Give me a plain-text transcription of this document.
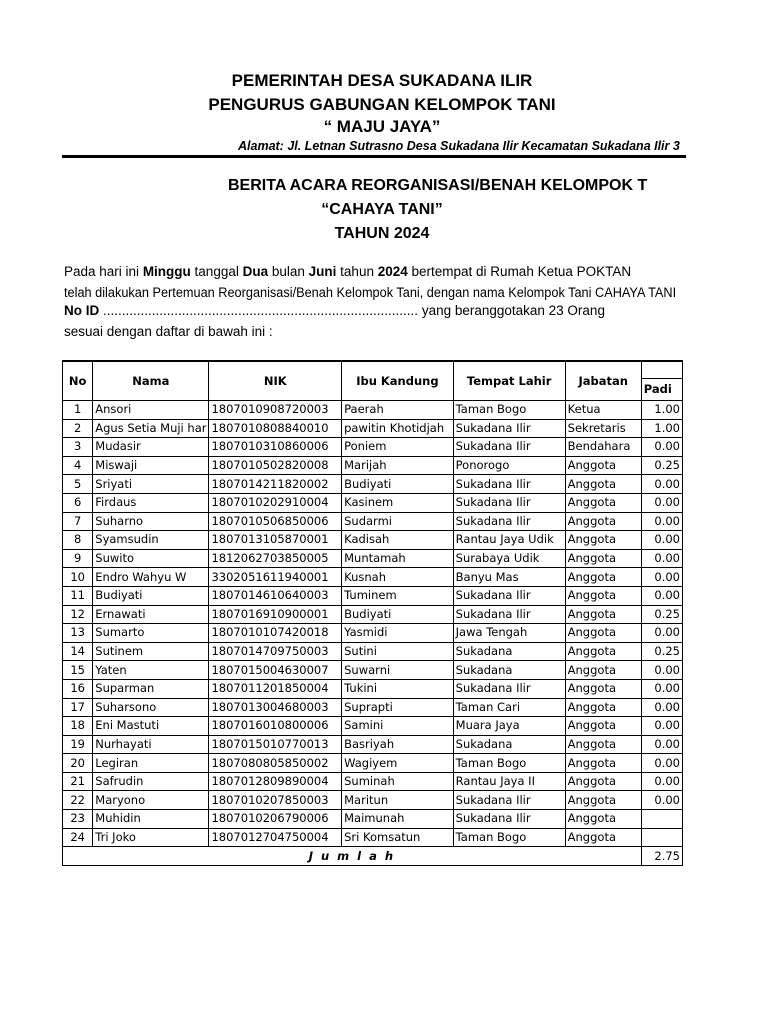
PEMERINTAH DESA SUKADANA ILIR
PENGURUS GABUNGAN KELOMPOK TANI
“ MAJU JAYA”
Alamat: Jl. Letnan Sutrasno Desa Sukadana Ilir Kecamatan Sukadana Ilir 3
BERITA ACARA REORGANISASI/BENAH KELOMPOK T
“CAHAYA TANI”
TAHUN 2024
Pada hari ini Minggu tanggal Dua bulan Juni tahun 2024 bertempat di Rumah Ketua POKTAN
telah dilakukan Pertemuan Reorganisasi/Benah Kelompok Tani, dengan nama Kelompok Tani CAHAYA TANI
No ID .................................................................................... yang beranggotakan 23 Orang
sesuai dengan daftar di bawah ini :
No	Nama	NIK	Ibu Kandung	Tempat Lahir	Jabatan	
						Padi
1	Ansori	1807010908720003	Paerah	Taman Bogo	Ketua	1.00
2	Agus Setia Muji har	1807010808840010	pawitin Khotidjah	Sukadana Ilir	Sekretaris	1.00
3	Mudasir	1807010310860006	Poniem	Sukadana Ilir	Bendahara	0.00
4	Miswaji	1807010502820008	Marijah	Ponorogo	Anggota	0.25
5	Sriyati	1807014211820002	Budiyati	Sukadana Ilir	Anggota	0.00
6	Firdaus	1807010202910004	Kasinem	Sukadana Ilir	Anggota	0.00
7	Suharno	1807010506850006	Sudarmi	Sukadana Ilir	Anggota	0.00
8	Syamsudin	1807013105870001	Kadisah	Rantau Jaya Udik	Anggota	0.00
9	Suwito	1812062703850005	Muntamah	Surabaya Udik	Anggota	0.00
10	Endro Wahyu W	3302051611940001	Kusnah	Banyu Mas	Anggota	0.00
11	Budiyati	1807014610640003	Tuminem	Sukadana Ilir	Anggota	0.00
12	Ernawati	1807016910900001	Budiyati	Sukadana Ilir	Anggota	0.25
13	Sumarto	1807010107420018	Yasmidi	Jawa Tengah	Anggota	0.00
14	Sutinem	1807014709750003	Sutini	Sukadana	Anggota	0.25
15	Yaten	1807015004630007	Suwarni	Sukadana	Anggota	0.00
16	Suparman	1807011201850004	Tukini	Sukadana Ilir	Anggota	0.00
17	Suharsono	1807013004680003	Suprapti	Taman Cari	Anggota	0.00
18	Eni Mastuti	1807016010800006	Samini	Muara Jaya	Anggota	0.00
19	Nurhayati	1807015010770013	Basriyah	Sukadana	Anggota	0.00
20	Legiran	1807080805850002	Wagiyem	Taman Bogo	Anggota	0.00
21	Safrudin	1807012809890004	Suminah	Rantau Jaya II	Anggota	0.00
22	Maryono	1807010207850003	Maritun	Sukadana Ilir	Anggota	0.00
23	Muhidin	1807010206790006	Maimunah	Sukadana Ilir	Anggota	
24	Tri Joko	1807012704750004	Sri Komsatun	Taman Bogo	Anggota	
J u m l a h						2.75
